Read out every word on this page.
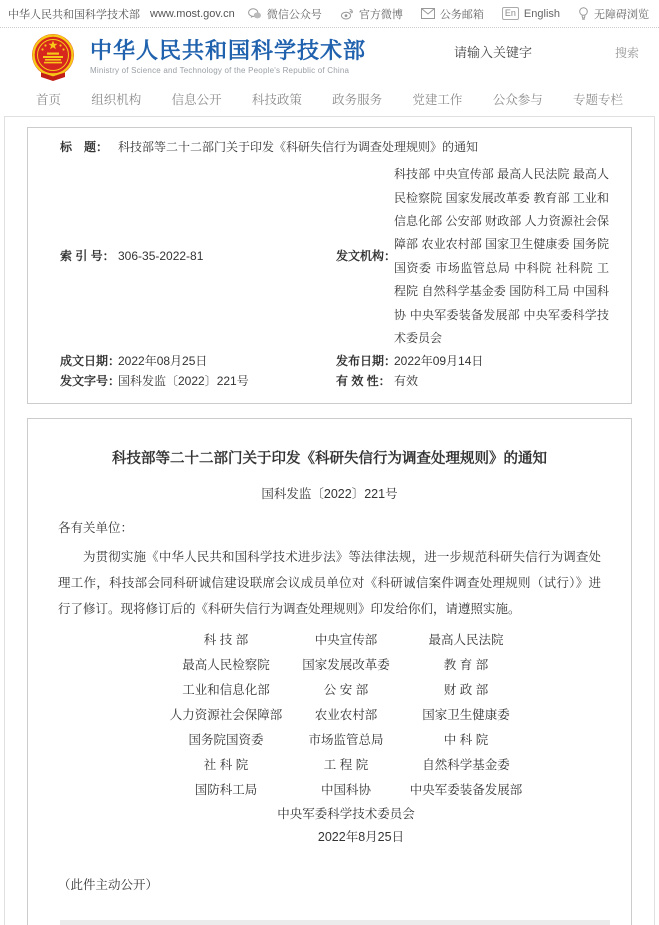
中华人民共和国科学技术部 www.most.gov.cn	微信公众号	官方微博	公务邮箱	En English	无障碍浏览
中华人民共和国科学技术部
Ministry of Science and Technology of the People's Republic of China
请输入关键字
搜索
首页 组织机构 信息公开 科技政策 政务服务 党建工作 公众参与 专题专栏
标　题： 科技部等二十二部门关于印发《科研失信行为调查处理规则》的通知
索 引 号： 306-35-2022-81	发文机构：
科技部 中央宣传部 最高人民法院 最高人民检察院 国家发展改革委 教育部 工业和信息化部 公安部 财政部 人力资源社会保障部 农业农村部 国家卫生健康委 国务院国资委 市场监管总局 中科院 社科院 工程院 自然科学基金委 国防科工局 中国科协 中央军委装备发展部 中央军委科学技术委员会
成文日期：
2022年08月25日	发布日期：
2022年09月14日
发文字号：
国科发监〔2022〕221号	有 效 性： 有效
科技部等二十二部门关于印发《科研失信行为调查处理规则》的通知
国科发监〔2022〕221号
各有关单位：
为贯彻实施《中华人民共和国科学技术进步法》等法律法规，进一步规范科研失信行为调查处理工作，科技部会同科研诚信建设联席会议成员单位对《科研诚信案件调查处理规则（试行）》进行了修订。现将修订后的《科研失信行为调查处理规则》印发给你们，请遵照实施。
科 技 部	中央宣传部	最高人民法院
最高人民检察院	国家发展改革委	教 育 部
工业和信息化部	公 安 部	财 政 部
人力资源社会保障部	农业农村部	国家卫生健康委
国务院国资委	市场监管总局	中 科 院
社 科 院	工 程 院	自然科学基金委
国防科工局	中国科协	中央军委装备发展部
中央军委科学技术委员会
2022年8月25日
（此件主动公开）
